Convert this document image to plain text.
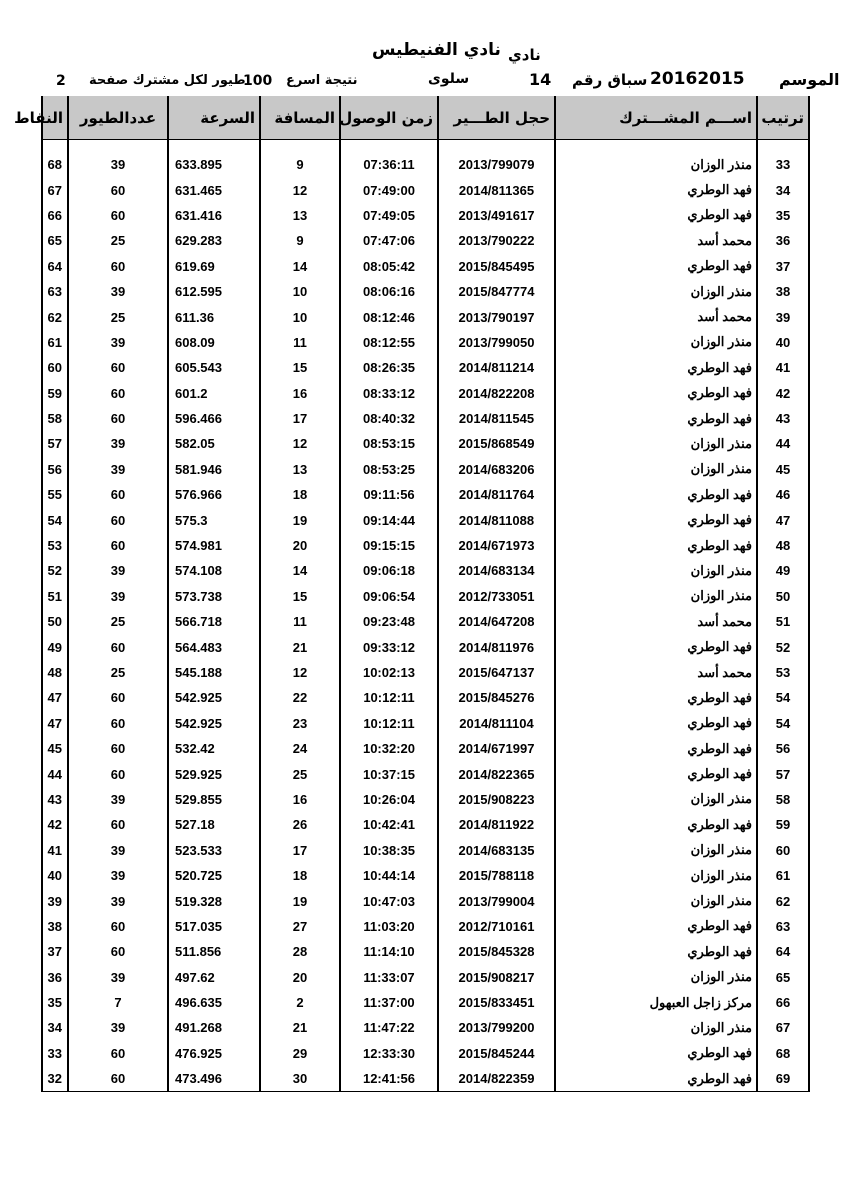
نادي الفنيطيس نادي
الموسم
20162015
سباق رقم
14
سلوى
نتيجة اسرع
100
طيور لكل مشترك صفحة
2
ترتيب	اســـم المشـــترك	حجل الطـــير	زمن الوصول	المسافة	السرعة	عددالطيور	النقاط

33	منذر الوزان	2013/799079	07:36:11	9	633.895	39	68
34	فهد الوطري	2014/811365	07:49:00	12	631.465	60	67
35	فهد الوطري	2013/491617	07:49:05	13	631.416	60	66
36	محمد أسد	2013/790222	07:47:06	9	629.283	25	65
37	فهد الوطري	2015/845495	08:05:42	14	619.69	60	64
38	منذر الوزان	2015/847774	08:06:16	10	612.595	39	63
39	محمد أسد	2013/790197	08:12:46	10	611.36	25	62
40	منذر الوزان	2013/799050	08:12:55	11	608.09	39	61
41	فهد الوطري	2014/811214	08:26:35	15	605.543	60	60
42	فهد الوطري	2014/822208	08:33:12	16	601.2	60	59
43	فهد الوطري	2014/811545	08:40:32	17	596.466	60	58
44	منذر الوزان	2015/868549	08:53:15	12	582.05	39	57
45	منذر الوزان	2014/683206	08:53:25	13	581.946	39	56
46	فهد الوطري	2014/811764	09:11:56	18	576.966	60	55
47	فهد الوطري	2014/811088	09:14:44	19	575.3	60	54
48	فهد الوطري	2014/671973	09:15:15	20	574.981	60	53
49	منذر الوزان	2014/683134	09:06:18	14	574.108	39	52
50	منذر الوزان	2012/733051	09:06:54	15	573.738	39	51
51	محمد أسد	2014/647208	09:23:48	11	566.718	25	50
52	فهد الوطري	2014/811976	09:33:12	21	564.483	60	49
53	محمد أسد	2015/647137	10:02:13	12	545.188	25	48
54	فهد الوطري	2015/845276	10:12:11	22	542.925	60	47
54	فهد الوطري	2014/811104	10:12:11	23	542.925	60	47
56	فهد الوطري	2014/671997	10:32:20	24	532.42	60	45
57	فهد الوطري	2014/822365	10:37:15	25	529.925	60	44
58	منذر الوزان	2015/908223	10:26:04	16	529.855	39	43
59	فهد الوطري	2014/811922	10:42:41	26	527.18	60	42
60	منذر الوزان	2014/683135	10:38:35	17	523.533	39	41
61	منذر الوزان	2015/788118	10:44:14	18	520.725	39	40
62	منذر الوزان	2013/799004	10:47:03	19	519.328	39	39
63	فهد الوطري	2012/710161	11:03:20	27	517.035	60	38
64	فهد الوطري	2015/845328	11:14:10	28	511.856	60	37
65	منذر الوزان	2015/908217	11:33:07	20	497.62	39	36
66	مركز زاجل العبهول	2015/833451	11:37:00	2	496.635	7	35
67	منذر الوزان	2013/799200	11:47:22	21	491.268	39	34
68	فهد الوطري	2015/845244	12:33:30	29	476.925	60	33
69	فهد الوطري	2014/822359	12:41:56	30	473.496	60	32
